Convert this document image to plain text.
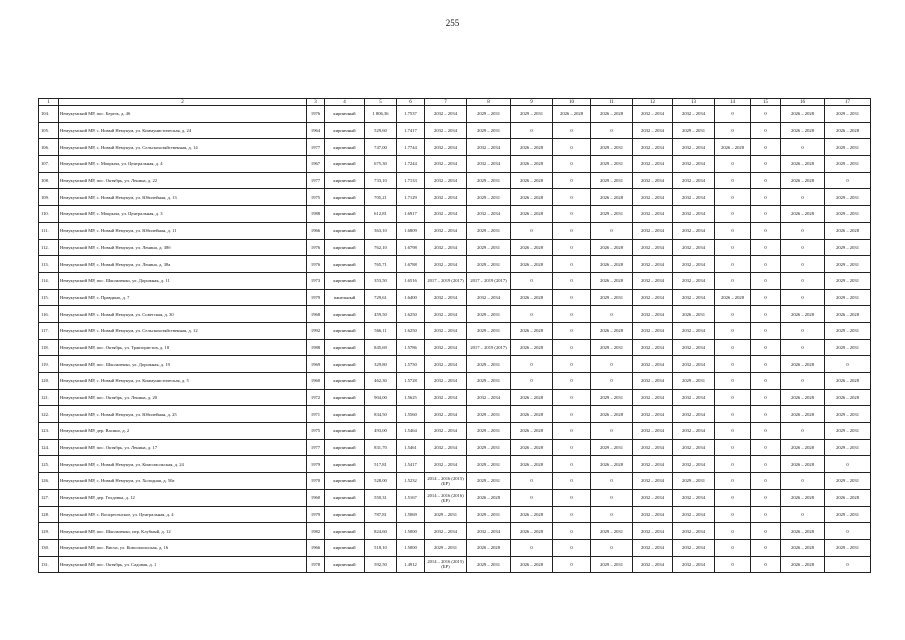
255
1	2	3	4	5	6	7	8	9	10	11	12	13	14	15	16	17
104.	Немукумский МР, пос. Березь, д. 46	1976	кирпичный	1 806,36	1.7537	2032 – 2034	2029 – 2031	2029 – 2031	2026 – 2028	2026 – 2028	2032 – 2034	2032 – 2034	0	0	2026 – 2028	2029 – 2031
105.	Немукумский МР, с. Новый Немукум, ул. Коммунистическая, д. 24	1964	кирпичный	529,60	1.7417	2032 – 2034	2029 – 2031	0	0	0	2032 – 2034	2029 – 2031	0	0	2026 – 2028	2026 – 2028
106.	Немукумский МР, с. Новый Немукум, ул. Сельскохозяйственная, д. 14	1977	кирпичный	747,00	1.7744	2032 – 2034	2032 – 2034	2026 – 2028	0	2029 – 2031	2032 – 2034	2032 – 2034	2026 – 2028	0	0	2029 – 2031
107.	Немукумский МР, с. Мокрыча, ул. Центральная, д. 4	1967	кирпичный	675,30	1.7244	2032 – 2034	2032 – 2034	2026 – 2028	0	2029 – 2031	2032 – 2034	2032 – 2034	0	0	2026 – 2028	2029 – 2031
108.	Немукумский МР, пос. Октябрь, ул. Ленина, д. 22	1977	кирпичный	733,10	1.7133	2032 – 2034	2029 – 2031	2026 – 2028	0	2029 – 2031	2032 – 2034	2032 – 2034	0	0	2026 – 2028	0
109.	Немукумский МР, с. Новый Немукум, ул. Юбилейная, д. 13	1975	кирпичный	705,21	1.7129	2032 – 2034	2029 – 2031	2026 – 2028	0	2026 – 2028	2032 – 2034	2032 – 2034	0	0	0	2029 – 2031
110.	Немукумский МР, с. Мокрыча, ул. Центральная, д. 3	1988	кирпичный	612,81	1.6917	2032 – 2034	2032 – 2034	2026 – 2028	0	2029 – 2031	2032 – 2034	2032 – 2034	0	0	2026 – 2028	2029 – 2031
111.	Немукумский МР, с. Новый Немукум, ул. Юбилейная, д. 11	1966	кирпичный	363,10	1.6809	2032 – 2034	2029 – 2031	0	0	0	2032 – 2034	2032 – 2034	0	0	0	2026 – 2028
112.	Немукумский МР, с. Новый Немукум, ул. Ленина, д. 38б	1976	кирпичный	762,10	1.6798	2032 – 2034	2029 – 2031	2026 – 2028	0	2026 – 2028	2032 – 2034	2032 – 2034	0	0	0	2029 – 2031
113.	Немукумский МР, с. Новый Немукум, ул. Ленина, д. 38а	1976	кирпичный	765,71	1.6788	2032 – 2034	2029 – 2031	2026 – 2028	0	2026 – 2028	2032 – 2034	2032 – 2034	0	0	0	2029 – 2031
114.	Немукумский МР, пос. Школьченко, ул. Дорожная, д. 11	1973	кирпичный	353,50	1.6516	2017 – 2019 (2017)	2017 – 2019 (2017)	0	0	2026 – 2028	2032 – 2034	2032 – 2034	0	0	0	2029 – 2031
115.	Немукумский МР, с. Правдино, д. 7	1979	панельный	729,61	1.6400	2032 – 2034	2032 – 2034	2026 – 2028	0	2029 – 2031	2032 – 2034	2032 – 2034	2026 – 2028	0	0	2029 – 2031
116.	Немукумский МР, с. Новый Немукум, ул. Советская, д. 30	1968	кирпичный	459,50	1.6250	2032 – 2034	2029 – 2031	0	0	0	2032 – 2034	2026 – 2031	0	0	2026 – 2028	2026 – 2028
117.	Немукумский МР, с. Новый Немукум, ул. Сельскохозяйственная, д. 12	1992	кирпичный	566,11	1.6250	2032 – 2034	2029 – 2031	2026 – 2028	0	2026 – 2028	2032 – 2034	2032 – 2034	0	0	0	2029 – 2031
118.	Немукумский МР, пос. Октябрь, ул. Трактористов, д. 18	1988	кирпичный	845,69	1.5786	2032 – 2034	2017 – 2019 (2017)	2026 – 2028	0	2029 – 2031	2032 – 2034	2032 – 2034	0	0	0	2029 – 2031
119.	Немукумский МР, пос. Школьченко, ул. Дорожная, д. 19	1969	кирпичный	329,80	1.5750	2032 – 2034	2029 – 2031	0	0	0	2032 – 2034	2032 – 2034	0	0	2026 – 2028	0
120.	Немукумский МР, с. Новый Немукум, ул. Коммунистическая, д. 5	1960	кирпичный	462,30	1.5728	2032 – 2034	2029 – 2031	0	0	0	2032 – 2034	2029 – 2031	0	0	0	2026 – 2028
121.	Немукумский МР, пос. Октябрь, ул. Ленина, д. 20	1972	кирпичный	904,00	1.5625	2032 – 2034	2032 – 2034	2026 – 2028	0	2029 – 2031	2032 – 2034	2032 – 2034	0	0	2026 – 2028	2026 – 2028
122.	Немукумский МР, с. Новый Немукум, ул. Юбилейная, д. 25	1971	кирпичный	834,50	1.5560	2032 – 2034	2029 – 2031	2026 – 2028	0	2026 – 2028	2032 – 2034	2032 – 2034	0	0	2026 – 2028	2029 – 2031
123.	Немукумский МР, дер. Васино, д. 2	1975	кирпичный	493,00	1.5464	2032 – 2034	2029 – 2031	2026 – 2028	0	0	2032 – 2034	2032 – 2034	0	0	0	2029 – 2031
124.	Немукумский МР, пос. Октябрь, ул. Ленина, д. 17	1977	кирпичный	831,70	1.5461	2032 – 2034	2029 – 2031	2026 – 2028	0	2029 – 2031	2032 – 2034	2032 – 2034	0	0	2026 – 2028	2029 – 2031
125.	Немукумский МР, с. Новый Немукум, ул. Комсомольская, д. 24	1979	кирпичный	517,81	1.5417	2032 – 2034	2029 – 2031	2026 – 2028	0	2026 – 2028	2032 – 2034	2032 – 2034	0	0	2026 – 2028	0
126.	Немукумский МР, с. Новый Немукум, ул. Холодная, д. 50а	1970	кирпичный	528,00	1.5232	2014 – 2016 (2015) (БР)	2029 – 2031	0	0	0	2032 – 2034	2029 – 2031	0	0	0	2029 – 2031
127.	Немукумский МР, дер. Голдовка, д. 12	1960	кирпичный	550,31	1.5167	2014 – 2016 (2016) (БР)	2026 – 2028	0	0	0	2032 – 2034	2032 – 2034	0	0	2026 – 2028	2026 – 2028
128.	Немукумский МР, с. Воскресенское, ул. Центральная, д. 4	1979	кирпичный	787,81	1.5069	2029 – 2031	2029 – 2031	2026 – 2028	0	0	2032 – 2034	2032 – 2034	0	0	0	2029 – 2031
129.	Немукумский МР, пос. Школьченко, пер. Клубный, д. 12	1982	кирпичный	824,60	1.5000	2032 – 2034	2032 – 2034	2026 – 2028	0	2029 – 2031	2032 – 2034	2032 – 2034	0	0	2026 – 2028	0
130.	Немукумский МР, пос. Висча, ул. Комсомольская, д. 16	1966	кирпичный	518,10	1.5000	2029 – 2031	2026 – 2028	0	0	0	2032 – 2034	2032 – 2034	0	0	2026 – 2028	2029 – 2031
131.	Немукумский МР, пос. Октябрь, ул. Садовая, д. 1	1978	кирпичный	592,50	1.4912	2014 – 2016 (2015) (БР)	2029 – 2031	2026 – 2028	0	2029 – 2031	2032 – 2034	2032 – 2034	0	0	2026 – 2028	0
